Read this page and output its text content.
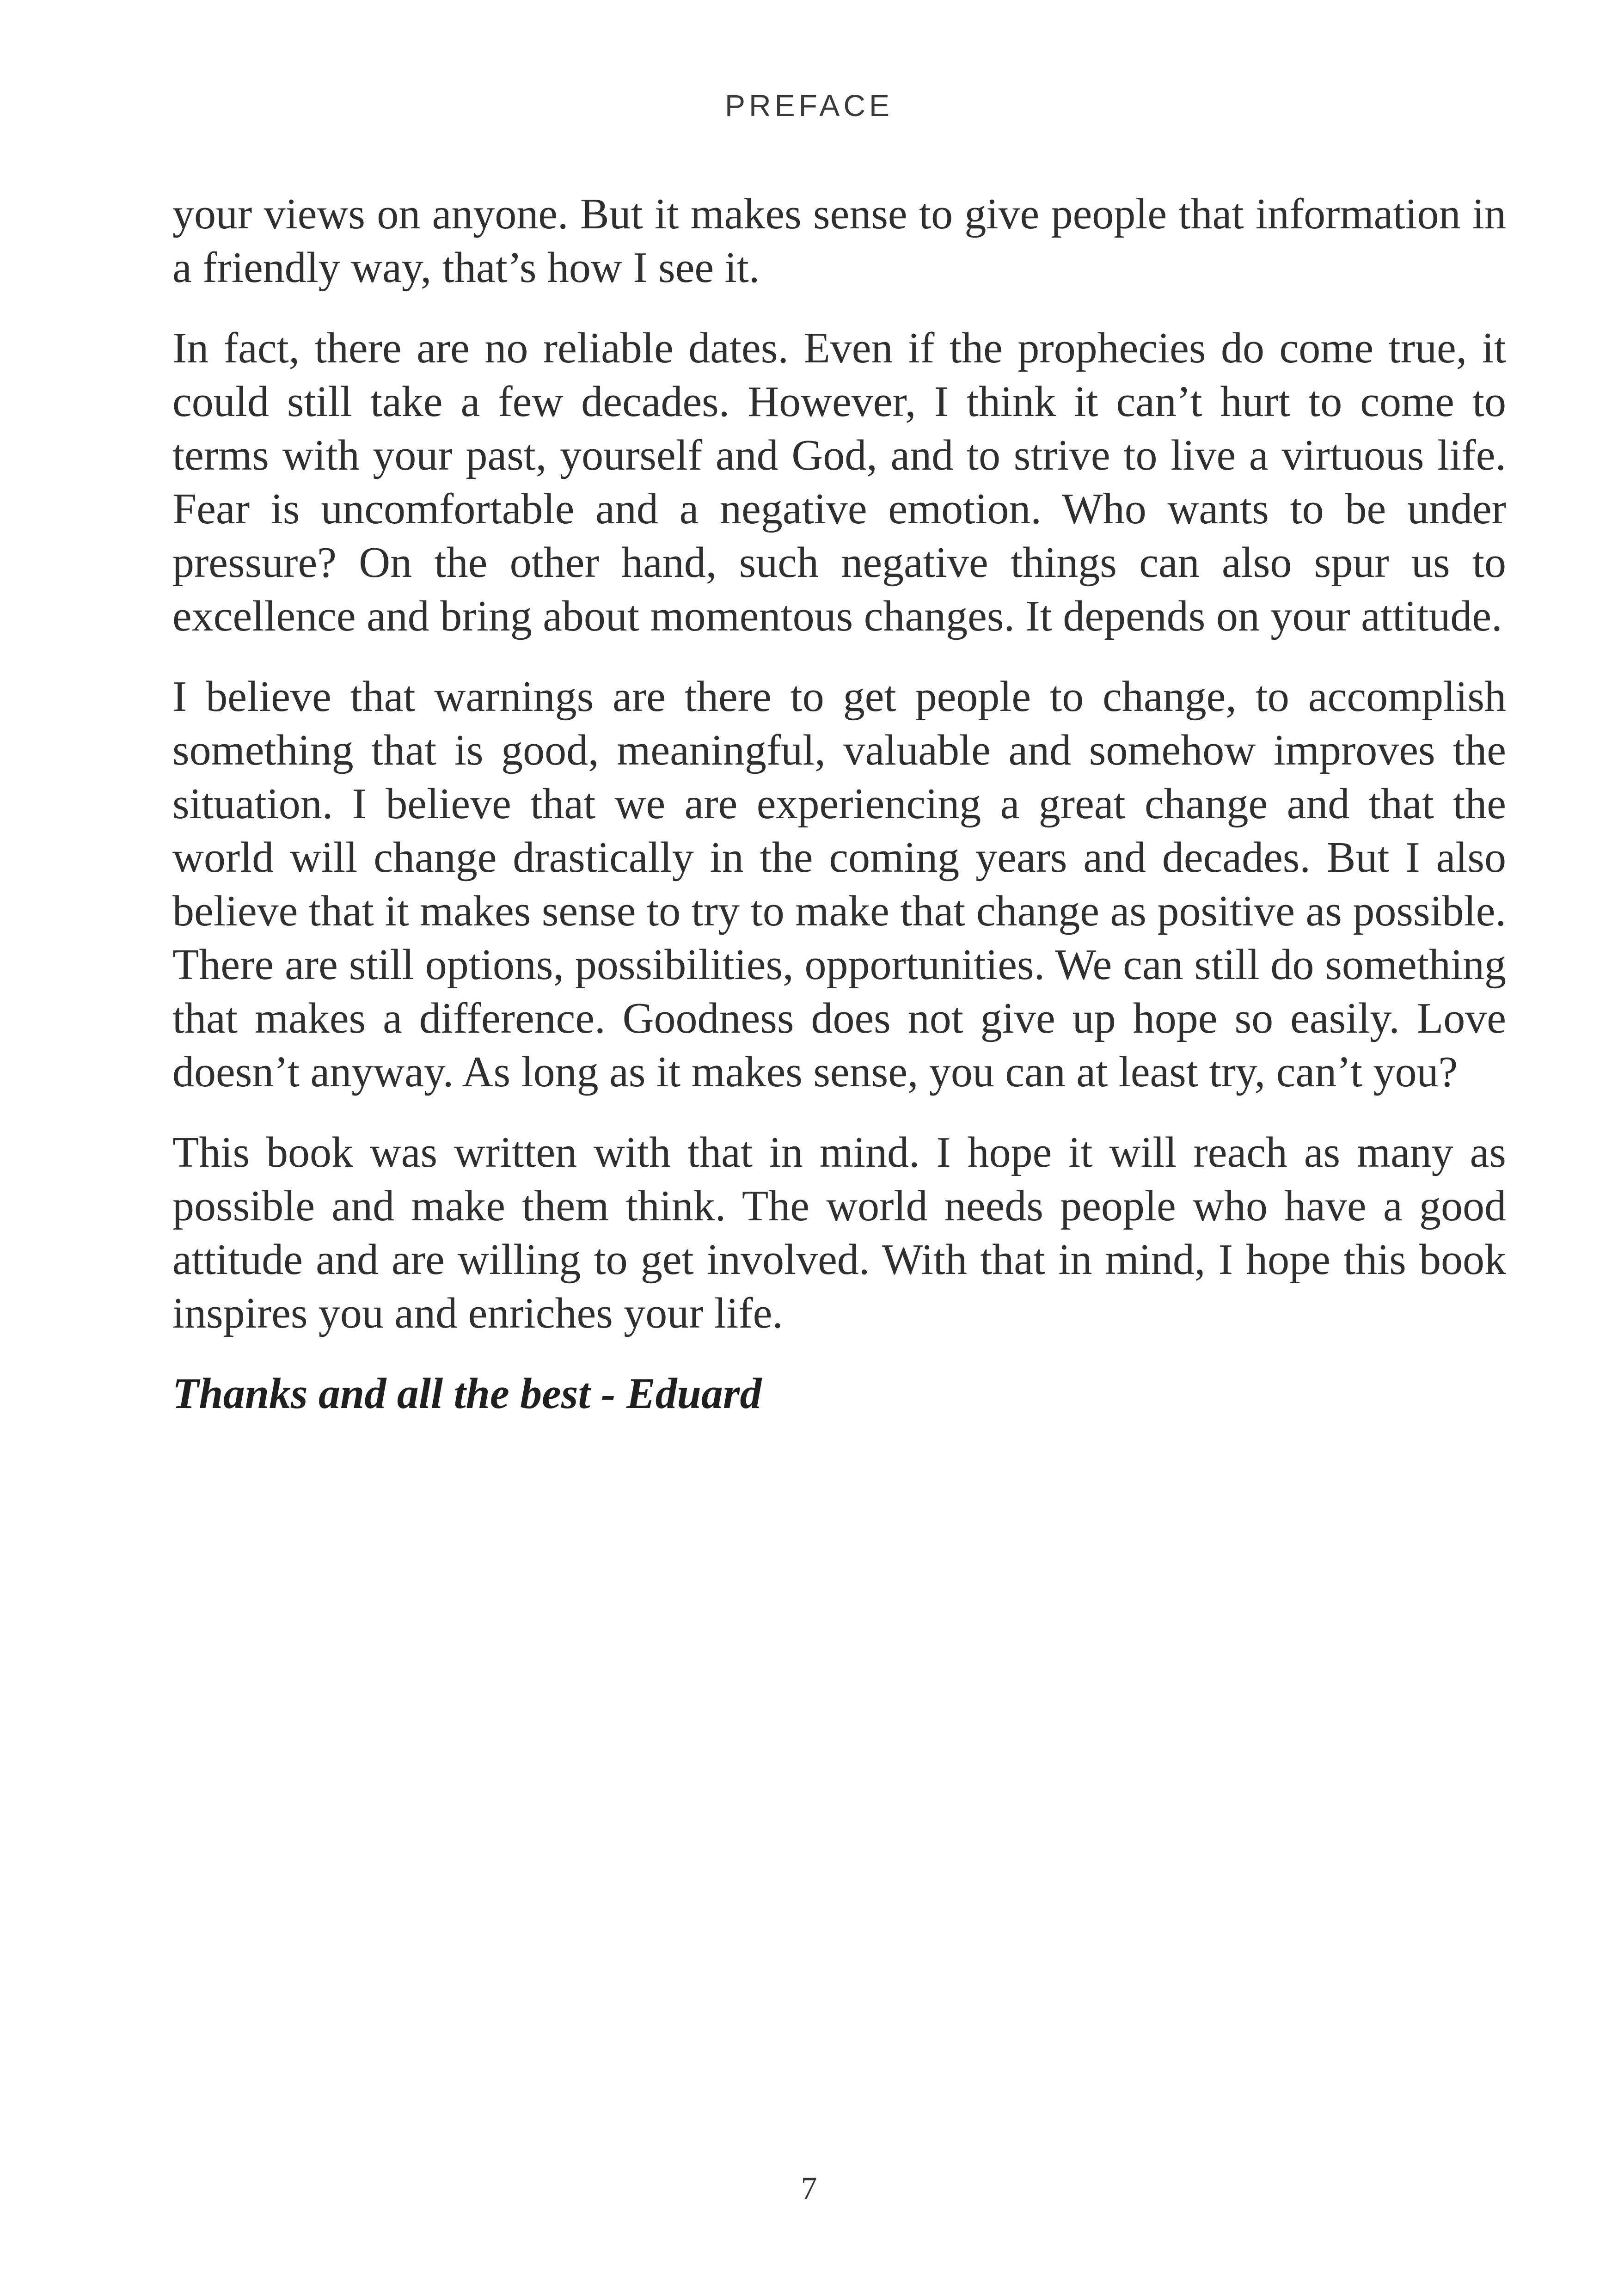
PREFACE

your views on anyone. But it makes sense to give people that information in a friendly way, that’s how I see it.

In fact, there are no reliable dates. Even if the prophecies do come true, it could still take a few decades. However, I think it can’t hurt to come to terms with your past, yourself and God, and to strive to live a virtuous life. Fear is uncomfortable and a negative emotion. Who wants to be under pressure? On the other hand, such negative things can also spur us to excellence and bring about momentous changes. It depends on your attitude.

I believe that warnings are there to get people to change, to accomplish something that is good, meaningful, valuable and somehow improves the situation. I believe that we are experiencing a great change and that the world will change drastically in the coming years and decades. But I also believe that it makes sense to try to make that change as positive as possible. There are still options, possibilities, opportunities. We can still do something that makes a difference. Goodness does not give up hope so easily. Love doesn’t anyway. As long as it makes sense, you can at least try, can’t you?

This book was written with that in mind. I hope it will reach as many as possible and make them think. The world needs people who have a good attitude and are willing to get involved. With that in mind, I hope this book inspires you and enriches your life.

Thanks and all the best - Eduard

7
